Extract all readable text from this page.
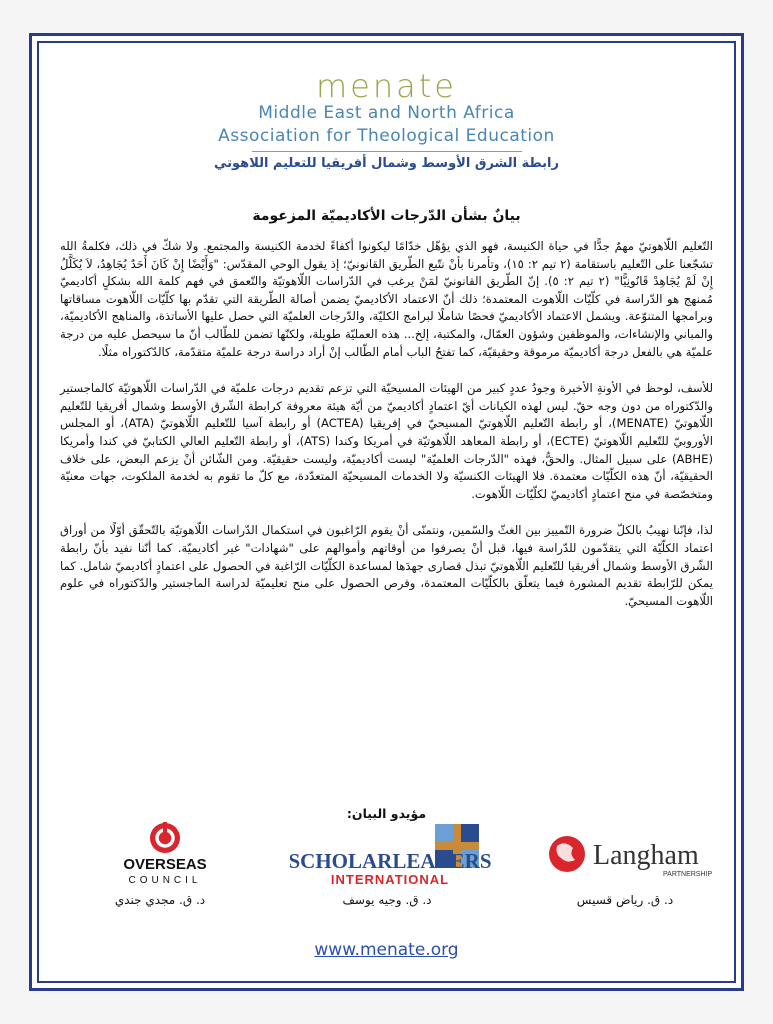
menate
Middle East and North Africa
Association for Theological Education
رابطة الشرق الأوسط وشمال أفريقيا للتعليم اللاهوتي
بيانٌ بشأن الدّرجات الأكاديميّة المزعومة

التّعليم اللّاهوتيّ مهمٌ جدًّا في حياة الكنيسة، فهو الذي يؤهّل خدّامًا ليكونوا أكفاءً لخدمة الكنيسة والمجتمع. ولا شكّ في ذلك، فكلمةُ الله تشجّعنا على التّعليم باستقامة (٢ تيم ٢: ١٥)، وتأمرنا بأنْ نتّبع الطّريق القانونيّ؛ إذ يقول الوحي المقدّس: "وَأَيْضًا إِنْ كَانَ أَحَدٌ يُجَاهِدُ، لاَ يُكَلَّلُ إِنْ لَمْ يُجَاهِدْ قَانُونِيًّا" (٢ تيم ٢: ٥). إنّ الطّريق القانونيّ لمَنْ يرغب في الدّراسات اللّاهوتيّة والتّعمق في فهم كلمة الله بشكلٍ أكاديميّ مُمنهج هو الدّراسة في كلّيّات اللّاهوت المعتمدة؛ ذلك أنّ الاعتماد الأكاديميّ يضمن أصالة الطّريقة التي تقدّم بها كلّيّات اللّاهوت مساقاتها وبرامجها المتنوّعة. ويشمل الاعتماد الأكاديميّ فحصًا شاملًا لبرامج الكليّة، والدّرجات العلميّة التي حصل عليها الأساتذة، والمناهج الأكاديميّة، والمباني والإنشاءات، والموظفين وشؤون العمّال، والمكتبة، إلخ... هذه العمليّة طويلة، ولكنّها تضمن للطّالب أنّ ما سيحصل عليه من درجة علميّة هي بالفعل درجة أكاديميّة مرموقة وحقيقيّة، كما تفتحُ الباب أمام الطّالب إنْ أراد دراسة درجة علميّة متقدّمة، كالدّكتوراه مثلًا.

للأسف، لوحظ في الأونةِ الأخيرة وجودُ عددٍ كبير من الهيئات المسيحيّة التي تزعم تقديم درجات علميّة في الدّراسات اللّاهوتيّة كالماجستير والدّكتوراه من دون وجه حقّ. ليس لهذه الكيانات أيّ اعتمادٍ أكاديميّ من أيّة هيئة معروفة كرابطة الشّرق الأوسط وشمال أفريقيا للتّعليم اللّاهوتيّ (MENATE)، أو رابطة التّعليم اللّاهوتيّ المسيحيّ في إفريقيا (ACTEA) أو رابطة آسيا للتّعليم اللّاهوتيّ (ATA)، أو المجلس الأوروبيّ للتّعليم اللّاهوتيّ (ECTE)، أو رابطة المعاهد اللّاهوتيّة في أمريكا وكندا (ATS)، أو رابطة التّعليم العالي الكتابيّ في كندا وأمريكا (ABHE) على سبيل المثال. والحقُّ، فهذه "الدّرجات العلميّة" ليست أكاديميّة، وليست حقيقيّة. ومن الشّائن أنْ يزعم البعض، على خلاف الحقيقيّة، أنّ هذه الكلّيّات معتمدة. فلا الهيئات الكنسيّة ولا الخدمات المسيحيّة المتعدّدة، مع كلّ ما تقوم به لخدمة الملكوت، جهات معنيّة ومتخصّصة في منح اعتمادٍ أكاديميّ لكلّيّات اللّاهوت.

لذا، فإنّنا نهيبُ بالكلّ ضرورة التّمييز بين الغثّ والسّمين، ونتمنّى أنْ يقوم الرّاغبون في استكمال الدّراسات اللّاهوتيّة بالتّحقّق أوّلًا من أوراق اعتماد الكلّيّة التي يتقدّمون للدّراسة فيها، قبل أنْ يصرفوا من أوقاتهم وأموالهم على "شهادات" غير أكاديميّة. كما أنّنا نفيد بأنّ رابطة الشّرق الأوسط وشمال أفريقيا للتّعليم اللّاهوتيّ تبذل قصارى جهدَها لمساعدة الكلّيّات الرّاغبة في الحصول على اعتمادٍ أكاديميّ شامل. كما يمكن للرّابطة تقديم المشورة فيما يتعلّق بالكلّيّات المعتمدة، وفرص الحصول على منح تعليميّة لدراسة الماجستير والدّكتوراه في علوم اللّاهوت المسيحيّ.

مؤيدو البيان:
OVERSEAS
COUNCIL
SCHOLARLEADERS
INTERNATIONAL
Langham
PARTNERSHIP
د. ق. مجدي جندي	د. ق. وجيه يوسف	د. ق. رياض قسيس
www.menate.org
